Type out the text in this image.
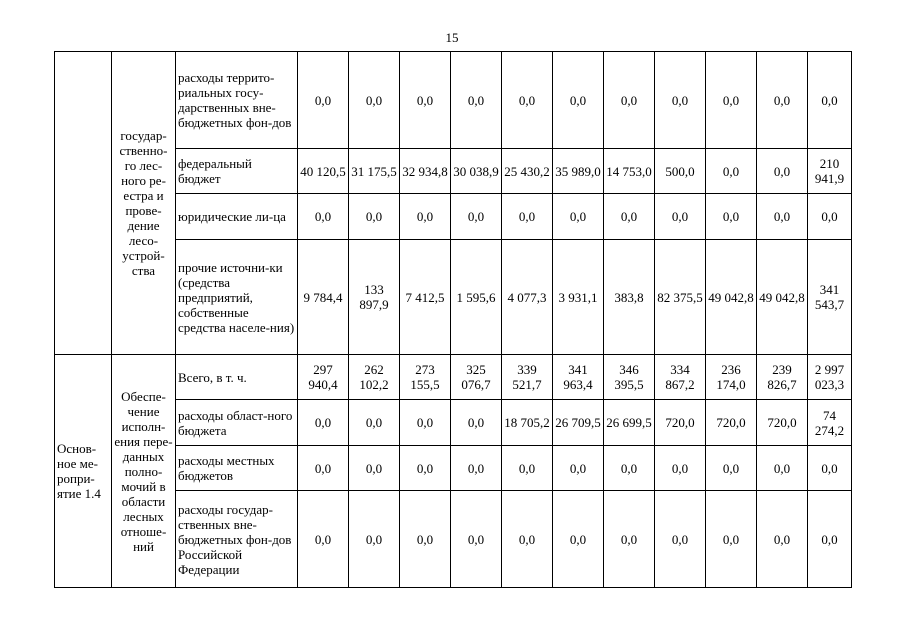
15
	государ-ственно-го лес-ного ре-естра и прове-дение лесо-устрой-ства	расходы террито-риальных госу-дарственных вне-бюджетных фон-дов	0,0	0,0	0,0	0,0	0,0	0,0	0,0	0,0	0,0	0,0	0,0
		федеральный бюджет	40 120,5	31 175,5	32 934,8	30 038,9	25 430,2	35 989,0	14 753,0	500,0	0,0	0,0	210 941,9
		юридические ли-ца	0,0	0,0	0,0	0,0	0,0	0,0	0,0	0,0	0,0	0,0	0,0
		прочие источни-ки (средства предприятий, собственные средства населе-ния)	9 784,4	133 897,9	7 412,5	1 595,6	4 077,3	3 931,1	383,8	82 375,5	49 042,8	49 042,8	341 543,7
Основ-ное ме-ропри-ятие 1.4	Обеспе-чение исполн-ения пере-данных полно-мочий в области лесных отноше-ний	Всего, в т. ч.	297 940,4	262 102,2	273 155,5	325 076,7	339 521,7	341 963,4	346 395,5	334 867,2	236 174,0	239 826,7	2 997 023,3
		расходы област-ного бюджета	0,0	0,0	0,0	0,0	18 705,2	26 709,5	26 699,5	720,0	720,0	720,0	74 274,2
		расходы местных бюджетов	0,0	0,0	0,0	0,0	0,0	0,0	0,0	0,0	0,0	0,0	0,0
		расходы государ-ственных вне-бюджетных фон-дов Российской Федерации	0,0	0,0	0,0	0,0	0,0	0,0	0,0	0,0	0,0	0,0	0,0
